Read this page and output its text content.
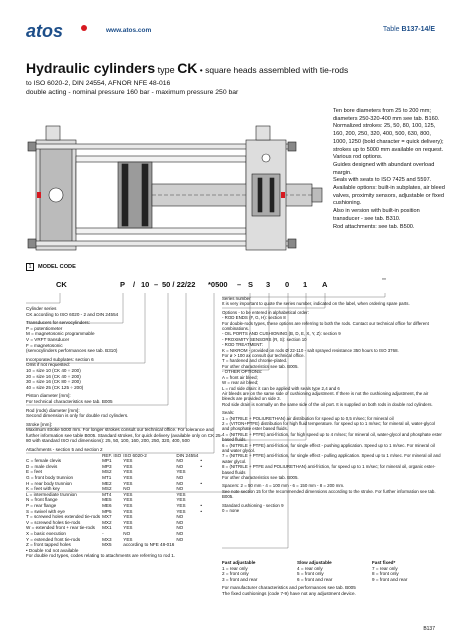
atos	www.atos.com	Table B137-14/E
Hydraulic cylinders type CK • square heads assembled with tie-rods
to ISO 6020-2, DIN 24554, AFNOR NFE 48-016
double acting - nominal pressure 160 bar - maximum pressure 250 bar

Ten bore diameters from 25 to 200 mm; diameters 250-320-400 mm see tab. B160.

Normalized strokes: 25, 50, 80, 100, 125, 160, 200, 250, 320, 400, 500, 630, 800, 1000, 1250 (bold character = quick delivery); strokes up to 5000 mm available on request.

Various rod options.

Guides designed with abundant overload margin.

Seals with seats to ISO 7425 and 5597.

Available options: built-in subplates, air bleed valves, proximity sensors, adjustable or fixed cushioning.

Also in version with built-in position transducer - see tab. B310.

Rod attachments: see tab. B500.

1	MODEL CODE
CK	P / 10 – 50 / 22/22 *0500 – S 3 0 1 A	**
Cylinder series
CK according to ISO 6020 - 2 and DIN 24554
Transducers for servocylinders:
P = potentiometer
M = magnetosonic programmable
V = VRFT transducer
F = magnetosonic
(servocylinders performances see tab. B310)
Incorporated subplates: section 6
Omit if not requested:
10 = size 10 (CK 40 ÷ 200)
20 = size 16 (CK 40 ÷ 200)
30 = size 16 (CK 80 ÷ 200)
40 = size 25 (CK 125 ÷ 200)
Piston diameter [mm]:
For technical characteristics see tab. B005
Rod (rods) diameter [mm]:
Second dimension is only for double rod cylinders.
Stroke [mm]:
Maximum stroke 5000 mm. For longer strokes consult our technical office. For tolerance and further information see table B005. Standard strokes, for quick delivery (available only on CK 25-80 with standard ISO rod dimensions): 25, 50, 100, 160, 200, 250, 320, 400, 500
Attachments - section 5 and section 2
	REF. ISO	ISO 6020-2	DIN 24554	
C = female clevis	MP1	YES	NO	•
D = male clevis	MP3	YES	NO	•
E = feet	MS2	YES	YES	
G = front body trunnion	MT1	YES	NO	
H = rear body trunnion	ME2	YES	NO	•
K = feet with key	MS2	NO	NO	
L = intermediate trunnion	MT4	YES	YES	
N = front flange	ME5	YES	YES	
P = rear flange	ME6	YES	YES	•
S = swivel with eye	MP5	YES	YES	•
T = screwed holes extended tie-rods	MX7	YES	NO	
V = screwed holes tie-rods	MX2	YES	NO	
W = extended front + rear tie-rods	MX1	YES	NO	
X = basic execution	-	NO	NO	
Y = extended front tie-rods	MX3	YES	NO	
Z = front tapped holes	MX5	according to NFE 48-016		
• Double rod not available
For double rod types, codes relating to attachments are referring to rod 1.
Series number
It is very important to quote the series number, indicated on the label, when ordering spare parts.
Options - to be entered in alphabetical order:
- ROD ENDS (F, G, H): section 8
For double-rods types, these options are referring to both the rods. Contact our technical office for different combinations.
- OIL PORTS AND CUSHIONING (B, D, E, X, Y, Z): section 9
- PROXIMITY SENSORS (R, S): section 10
- ROD TREATMENT:
K = NIKROM - provided on rods Ø 22-110 - salt sprayed resistance 350 hours to ISO 3768.
For ø > 100 ax consult our technical office.
T = hardened and chrome-plated.
For other characteristics see tab. B005.
- OTHER OPTIONS:
A = front air bleed;
W = rear air bleed;
L = rod side drain: it can be applied with seals type 2,4 and 6
Air bleeds are on the same side of cushioning adjustment. If there is not the cushioning adjustment, the air bleeds are provided on side 3.
Rod side drain is normally on the same side of the oil port. It is supplied on both rods in double rod cylinders.
Seals:
1 = (NITRILE + POLIURETHAN) air distribution for speed up to 0,5 m/sec; for mineral oil
2 = (VITON+PTFE) distribution for high fluid temperature. for speed up to 1 m/sec; for mineral oil, water-glycol and phosphate ester based fluids.
4 = (NITRILE + PTFE) anti-friction, for high speed up to 4 m/sec; for mineral oil, water-glycol and phosphate ester based fluids.
6 = (NITRILE + PTFE) anti-friction, for single effect - pushing application. Speed up to 1 m/sec. For mineral oil and water glycol.
7 = (NITRILE + PTFE) anti-friction, for single effect - pulling application. Speed up to 1 m/sec. For mineral oil and water glycol.
8 = (NITRILE + PTFE and POLIURETHAN) anti-friction, for speed up to 1 m/sec; for mineral oil, organic ester-based fluids
For other characteristics see tab. B005.
Spacers: 2 = 50 mm - 4 = 100 mm - 6 = 150 mm - 8 = 200 mm.
See note section 15 for the recommended dimensions according to the stroke. For further information see tab. B005.
Standard cushioning - section 9
0 = none
Fast adjustable
1 = rear only
2 = front only
3 = front and rear
Slow adjustable
4 = rear only
5 = front only
6 = front and rear
Fast fixed*
7 = rear only
8 = front only
9 = front and rear
For manufacturer characteristics and performances see tab. B005
The fixed cushionings (code 7-9) have not any adjustment device.
B137
